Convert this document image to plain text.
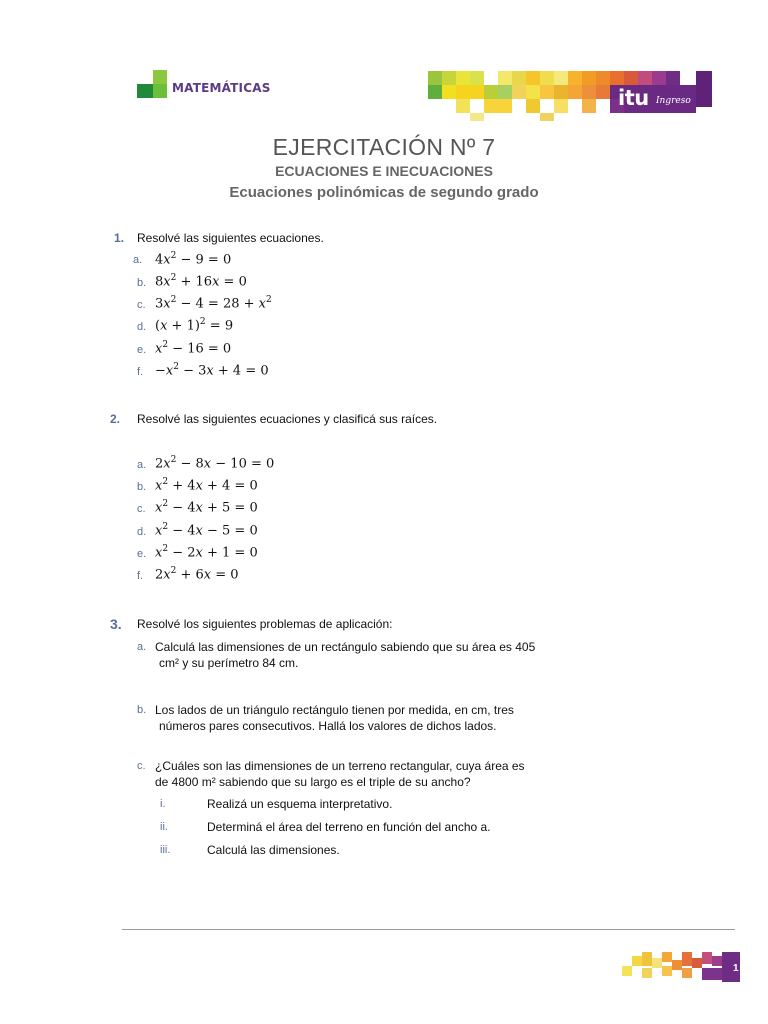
MATEMÁTICAS	itu Ingreso
EJERCITACIÓN Nº 7
ECUACIONES E INECUACIONES
Ecuaciones polinómicas de segundo grado
1. Resolvé las siguientes ecuaciones.
a. $4x^2 - 9 = 0$
b. $8x^2 + 16x = 0$
c. $3x^2 - 4 = 28 + x^2$
d. $(x + 1)^2 = 9$
e. $x^2 - 16 = 0$
f. $-x^2 - 3x + 4 = 0$
2. Resolvé las siguientes ecuaciones y clasificá sus raíces.
a. $2x^2 - 8x - 10 = 0$
b. $x^2 + 4x + 4 = 0$
c. $x^2 - 4x + 5 = 0$
d. $x^2 - 4x - 5 = 0$
e. $x^2 - 2x + 1 = 0$
f. $2x^2 + 6x = 0$
3. Resolvé los siguientes problemas de aplicación:
a. Calculá las dimensiones de un rectángulo sabiendo que su área es 405
cm² y su perímetro 84 cm.
b. Los lados de un triángulo rectángulo tienen por medida, en cm, tres
números pares consecutivos. Hallá los valores de dichos lados.
c. ¿Cuáles son las dimensiones de un terreno rectangular, cuya área es
de 4800 m² sabiendo que su largo es el triple de su ancho?
i.	Realizá un esquema interpretativo.
ii.	Determiná el área del terreno en función del ancho a.
iii.	Calculá las dimensiones.
1
